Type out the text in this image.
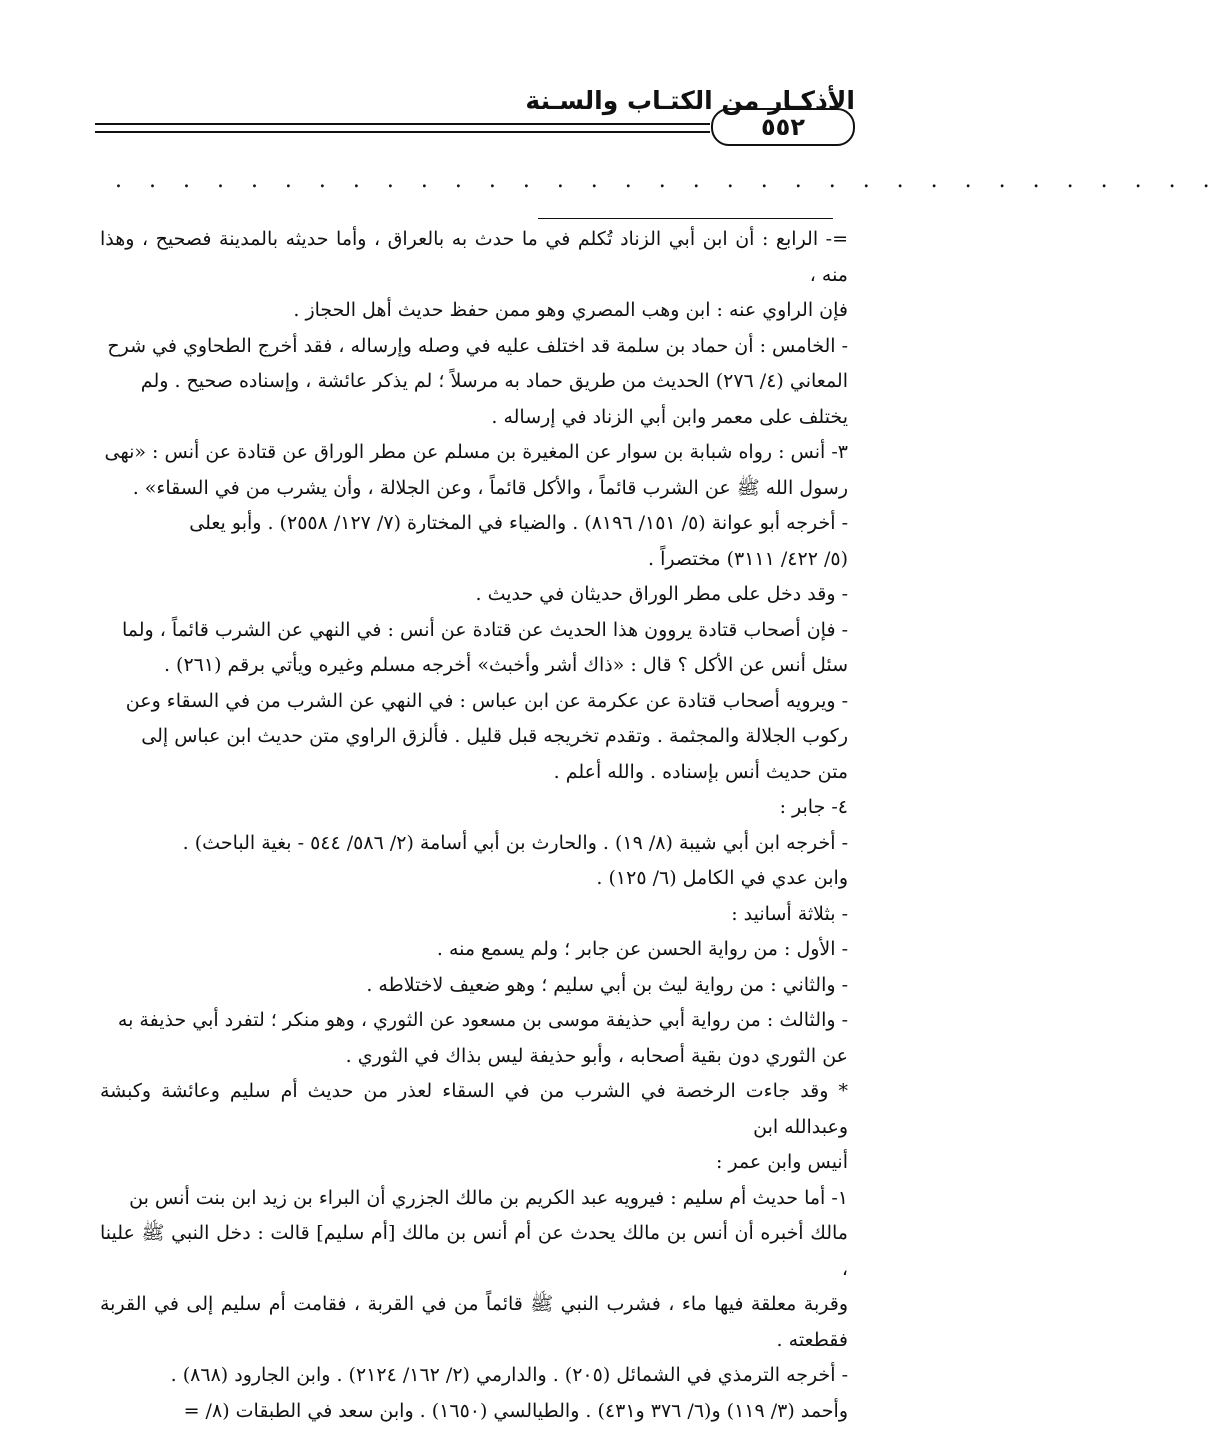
الأذكـار من الكتـاب والسـنة
٥٥٢
. . . . . . . . . . . . . . . . . . . . . . . . . . . . . . . . .

=- الرابع : أن ابن أبي الزناد تُكلم في ما حدث به بالعراق ، وأما حديثه بالمدينة فصحيح ، وهذا منه ،

فإن الراوي عنه : ابن وهب المصري وهو ممن حفظ حديث أهل الحجاز .

- الخامس : أن حماد بن سلمة قد اختلف عليه في وصله وإرساله ، فقد أخرج الطحاوي في شرح

المعاني (٤/ ٢٧٦) الحديث من طريق حماد به مرسلاً ؛ لم يذكر عائشة ، وإسناده صحيح . ولم

يختلف على معمر وابن أبي الزناد في إرساله .

٣- أنس : رواه شبابة بن سوار عن المغيرة بن مسلم عن مطر الوراق عن قتادة عن أنس : «نهى

رسول الله ﷺ عن الشرب قائماً ، والأكل قائماً ، وعن الجلالة ، وأن يشرب من في السقاء» .

- أخرجه أبو عوانة (٥/ ١٥١/ ٨١٩٦) . والضياء في المختارة (٧/ ١٢٧/ ٢٥٥٨) . وأبو يعلى

(٥/ ٤٢٢/ ٣١١١) مختصراً .

- وقد دخل على مطر الوراق حديثان في حديث .

- فإن أصحاب قتادة يروون هذا الحديث عن قتادة عن أنس : في النهي عن الشرب قائماً ، ولما

سئل أنس عن الأكل ؟ قال : «ذاك أشر وأخبث» أخرجه مسلم وغيره ويأتي برقم (٢٦١) .

- ويرويه أصحاب قتادة عن عكرمة عن ابن عباس : في النهي عن الشرب من في السقاء وعن

ركوب الجلالة والمجثمة . وتقدم تخريجه قبل قليل . فألزق الراوي متن حديث ابن عباس إلى

متن حديث أنس بإسناده . والله أعلم .

٤- جابر :

- أخرجه ابن أبي شيبة (٨/ ١٩) . والحارث بن أبي أسامة (٢/ ٥٨٦/ ٥٤٤ - بغية الباحث) .

وابن عدي في الكامل (٦/ ١٢٥) .

- بثلاثة أسانيد :

- الأول : من رواية الحسن عن جابر ؛ ولم يسمع منه .

- والثاني : من رواية ليث بن أبي سليم ؛ وهو ضعيف لاختلاطه .

- والثالث : من رواية أبي حذيفة موسى بن مسعود عن الثوري ، وهو منكر ؛ لتفرد أبي حذيفة به

عن الثوري دون بقية أصحابه ، وأبو حذيفة ليس بذاك في الثوري .

* وقد جاءت الرخصة في الشرب من في السقاء لعذر من حديث أم سليم وعائشة وكبشة وعبدالله ابن

أنيس وابن عمر :

١- أما حديث أم سليم : فيرويه عبد الكريم بن مالك الجزري أن البراء بن زيد ابن بنت أنس بن

مالك أخبره أن أنس بن مالك يحدث عن أم أنس بن مالك [أم سليم] قالت : دخل النبي ﷺ علينا ،

وقربة معلقة فيها ماء ، فشرب النبي ﷺ قائماً من في القربة ، فقامت أم سليم إلى في القربة فقطعته .

- أخرجه الترمذي في الشمائل (٢٠٥) . والدارمي (٢/ ١٦٢/ ٢١٢٤) . وابن الجارود (٨٦٨) .

وأحمد (٣/ ١١٩) و(٦/ ٣٧٦ و٤٣١) . والطيالسي (١٦٥٠) . وابن سعد في الطبقات (٨/ =
